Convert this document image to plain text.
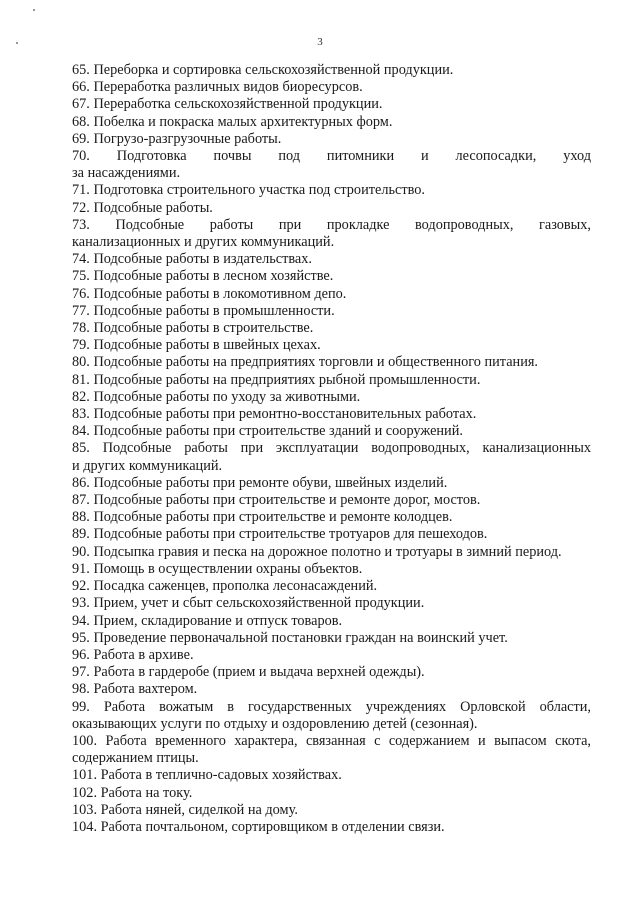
3
65. Переборка и сортировка сельскохозяйственной продукции.
66. Переработка различных видов биоресурсов.
67. Переработка сельскохозяйственной продукции.
68. Побелка и покраска малых архитектурных форм.
69. Погрузо-разгрузочные работы.
70. Подготовка почвы под питомники и лесопосадки, уход
за насаждениями.
71. Подготовка строительного участка под строительство.
72. Подсобные работы.
73. Подсобные работы при прокладке водопроводных, газовых,
канализационных и других коммуникаций.
74. Подсобные работы в издательствах.
75. Подсобные работы в лесном хозяйстве.
76. Подсобные работы в локомотивном депо.
77. Подсобные работы в промышленности.
78. Подсобные работы в строительстве.
79. Подсобные работы в швейных цехах.
80. Подсобные работы на предприятиях торговли и общественного питания.
81. Подсобные работы на предприятиях рыбной промышленности.
82. Подсобные работы по уходу за животными.
83. Подсобные работы при ремонтно-восстановительных работах.
84. Подсобные работы при строительстве зданий и сооружений.
85. Подсобные работы при эксплуатации водопроводных, канализационных
и других коммуникаций.
86. Подсобные работы при ремонте обуви, швейных изделий.
87. Подсобные работы при строительстве и ремонте дорог, мостов.
88. Подсобные работы при строительстве и ремонте колодцев.
89. Подсобные работы при строительстве тротуаров для пешеходов.
90. Подсыпка гравия и песка на дорожное полотно и тротуары в зимний период.
91. Помощь в осуществлении охраны объектов.
92. Посадка саженцев, прополка лесонасаждений.
93. Прием, учет и сбыт сельскохозяйственной продукции.
94. Прием, складирование и отпуск товаров.
95. Проведение первоначальной постановки граждан на воинский учет.
96. Работа в архиве.
97. Работа в гардеробе (прием и выдача верхней одежды).
98. Работа вахтером.
99. Работа вожатым в государственных учреждениях Орловской области,
оказывающих услуги по отдыху и оздоровлению детей (сезонная).
100. Работа временного характера, связанная с содержанием и выпасом скота,
содержанием птицы.
101. Работа в теплично-садовых хозяйствах.
102. Работа на току.
103. Работа няней, сиделкой на дому.
104. Работа почтальоном, сортировщиком в отделении связи.
